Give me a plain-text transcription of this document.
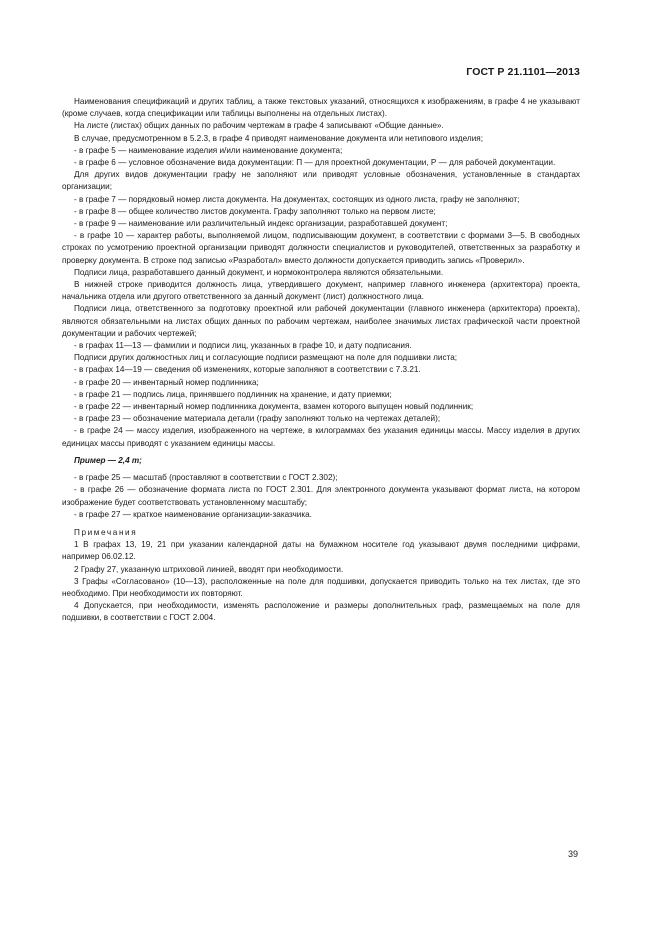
ГОСТ Р 21.1101—2013

Наименования спецификаций и других таблиц, а также текстовых указаний, относящихся к изображениям, в графе 4 не указывают (кроме случаев, когда спецификации или таблицы выполнены на отдельных листах).

На листе (листах) общих данных по рабочим чертежам в графе 4 записывают «Общие данные».

В случае, предусмотренном в 5.2.3, в графе 4 приводят наименование документа или нетипового изделия;

- в графе 5 — наименование изделия и/или наименование документа;

- в графе 6 — условное обозначение вида документации: П — для проектной документации, Р — для рабочей документации.

Для других видов документации графу не заполняют или приводят условные обозначения, установленные в стандартах организации;

- в графе 7 — порядковый номер листа документа. На документах, состоящих из одного листа, графу не заполняют;

- в графе 8 — общее количество листов документа. Графу заполняют только на первом листе;

- в графе 9 — наименование или различительный индекс организации, разработавшей документ;

- в графе 10 — характер работы, выполняемой лицом, подписывающим документ, в соответствии с формами 3—5. В свободных строках по усмотрению проектной организации приводят должности специалистов и руководителей, ответственных за разработку и проверку документа. В строке под записью «Разработал» вместо должности допускается приводить запись «Проверил».

Подписи лица, разработавшего данный документ, и нормоконтролера являются обязательными.

В нижней строке приводится должность лица, утвердившего документ, например главного инженера (архитектора) проекта, начальника отдела или другого ответственного за данный документ (лист) должностного лица.

Подписи лица, ответственного за подготовку проектной или рабочей документации (главного инженера (архитектора) проекта), являются обязательными на листах общих данных по рабочим чертежам, наиболее значимых листах графической части проектной документации и рабочих чертежей;

- в графах 11—13 — фамилии и подписи лиц, указанных в графе 10, и дату подписания.

Подписи других должностных лиц и согласующие подписи размещают на поле для подшивки листа;

- в графах 14—19 — сведения об изменениях, которые заполняют в соответствии с 7.3.21.

- в графе 20 — инвентарный номер подлинника;

- в графе 21 — подпись лица, принявшего подлинник на хранение, и дату приемки;

- в графе 22 — инвентарный номер подлинника документа, взамен которого выпущен новый подлинник;

- в графе 23 — обозначение материала детали (графу заполняют только на чертежах деталей);

- в графе 24 — массу изделия, изображенного на чертеже, в килограммах без указания единицы массы. Массу изделия в других единицах массы приводят с указанием единицы массы.

Пример — 2,4 т;

- в графе 25 — масштаб (проставляют в соответствии с ГОСТ 2.302);

- в графе 26 — обозначение формата листа по ГОСТ 2.301. Для электронного документа указывают формат листа, на котором изображение будет соответствовать установленному масштабу;

- в графе 27 — краткое наименование организации-заказчика.

Примечания

1 В графах 13, 19, 21 при указании календарной даты на бумажном носителе год указывают двумя последними цифрами, например 06.02.12.

2 Графу 27, указанную штриховой линией, вводят при необходимости.

3 Графы «Согласовано» (10—13), расположенные на поле для подшивки, допускается приводить только на тех листах, где это необходимо. При необходимости их повторяют.

4 Допускается, при необходимости, изменять расположение и размеры дополнительных граф, размещаемых на поле для подшивки, в соответствии с ГОСТ 2.004.

39
